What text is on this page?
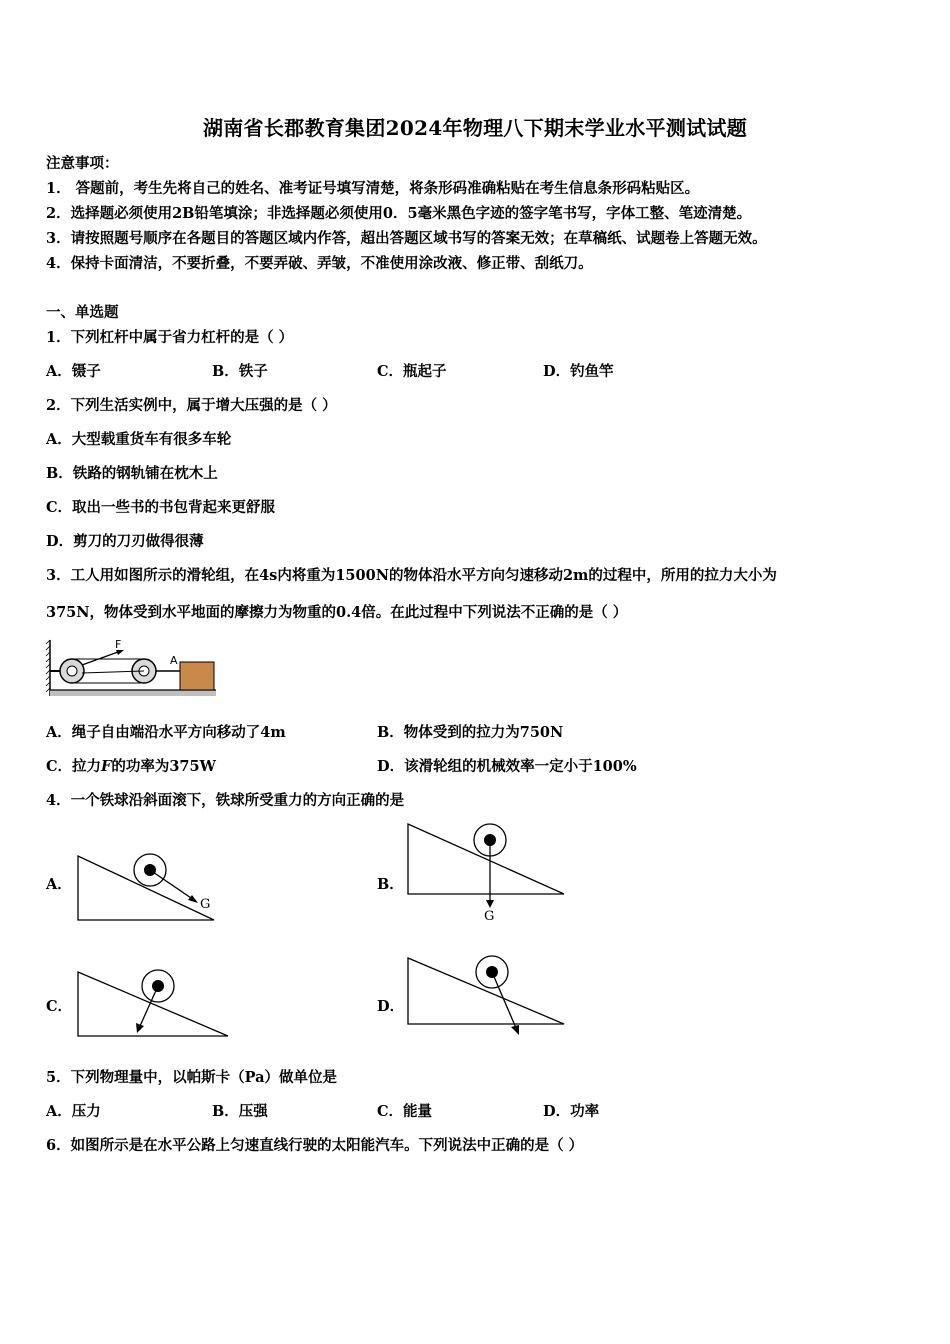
湖南省长郡教育集团2024年物理八下期末学业水平测试试题
注意事项：
1． 答题前，考生先将自己的姓名、准考证号填写清楚，将条形码准确粘贴在考生信息条形码粘贴区。
2．选择题必须使用2B铅笔填涂；非选择题必须使用0．5毫米黑色字迹的签字笔书写，字体工整、笔迹清楚。
3．请按照题号顺序在各题目的答题区域内作答，超出答题区域书写的答案无效；在草稿纸、试题卷上答题无效。
4．保持卡面清洁，不要折叠，不要弄破、弄皱，不准使用涂改液、修正带、刮纸刀。
一、单选题
1．下列杠杆中属于省力杠杆的是（ ）
A．镊子	B．铁子	C．瓶起子	D．钓鱼竿
2．下列生活实例中，属于增大压强的是（ ）
A．大型载重货车有很多车轮
B．铁路的钢轨铺在枕木上
C．取出一些书的书包背起来更舒服
D．剪刀的刀刃做得很薄
3．工人用如图所示的滑轮组，在4s内将重为1500N的物体沿水平方向匀速移动2m的过程中，所用的拉力大小为
375N，物体受到水平地面的摩擦力为物重的0.4倍。在此过程中下列说法不正确的是（ ）
F
A
A．绳子自由端沿水平方向移动了4m	B．物体受到的拉力为750N
C．拉力F的功率为375W	D．该滑轮组的机械效率一定小于100%
4．一个铁球沿斜面滚下，铁球所受重力的方向正确的是
A．
G
B．
G
C．	D．
5．下列物理量中，以帕斯卡（Pa）做单位是
A．压力	B．压强	C．能量	D．功率
6．如图所示是在水平公路上匀速直线行驶的太阳能汽车。下列说法中正确的是（ ）
